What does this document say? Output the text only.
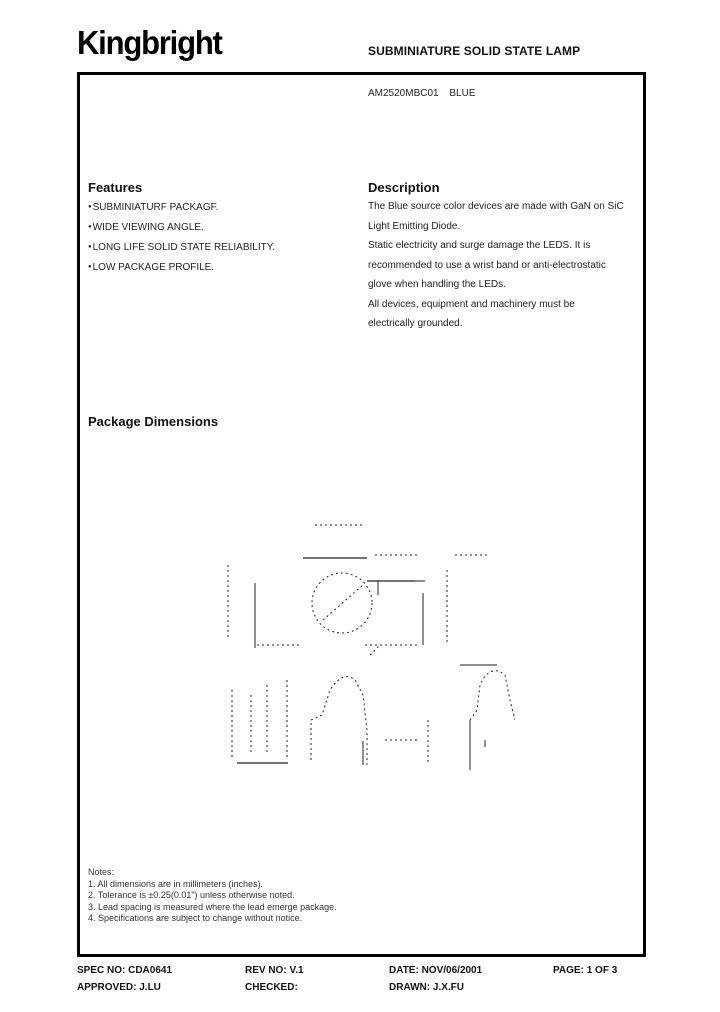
Kingbright	SUBMINIATURE SOLID STATE LAMP
AM2520MBC01 BLUE
Features
● SUBMINIATURF PACKAGF.
● WIDE VIEWING ANGLE.
● LONG LIFE SOLID STATE RELIABILITY.
● LOW PACKAGE PROFILE.
Description
The Blue source color devices are made with GaN on SiC
Light Emitting Diode.
Static electricity and surge damage the LEDS. It is
recommended to use a wrist band or anti-electrostatic
glove when handling the LEDs.
All devices, equipment and machinery must be
electrically grounded.
Package Dimensions
Notes:
1. All dimensions are in millimeters (inches).
2. Tolerance is ±0.25(0.01") unless otherwise noted.
3. Lead spacing is measured where the lead emerge package.
4. Specifications are subject to change without notice.
SPEC NO: CDA0641	REV NO: V.1	DATE: NOV/06/2001	PAGE: 1 OF 3
APPROVED: J.LU	CHECKED:	DRAWN: J.X.FU
